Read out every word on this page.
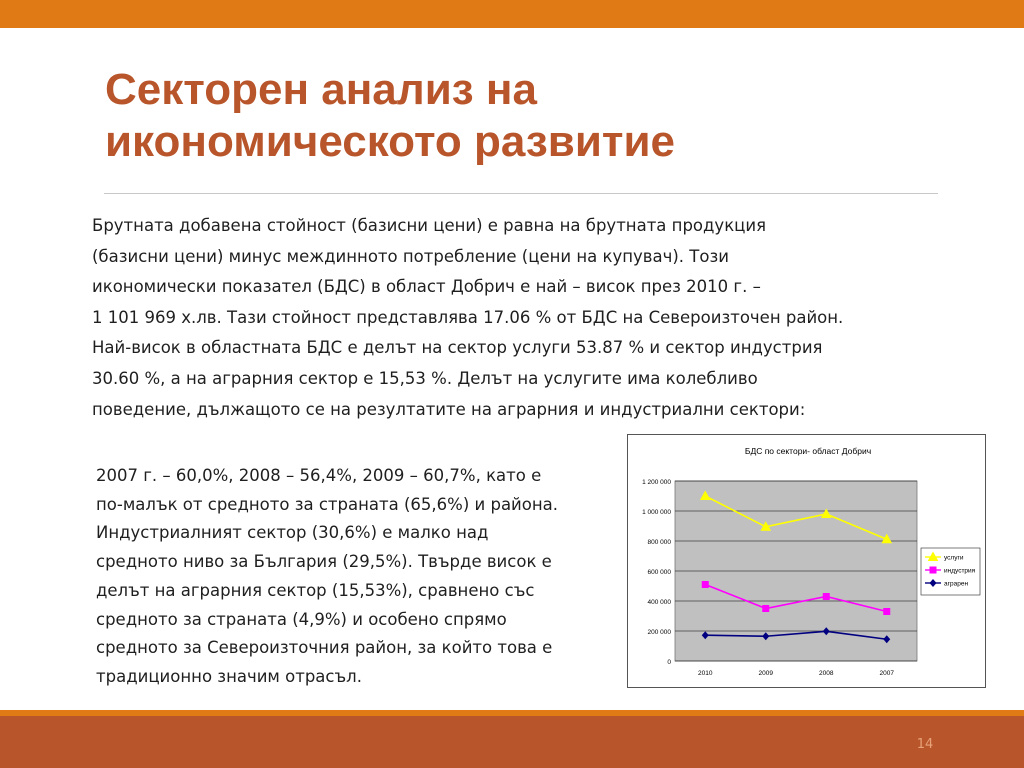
Секторен анализ на
икономическото развитие
Брутната добавена стойност (базисни цени) е равна на брутната продукция
(базисни цени) минус междинното потребление (цени на купувач). Този
икономически показател (БДС) в област Добрич е най – висок през 2010 г. –
1 101 969 х.лв. Тази стойност представлява 17.06 % от БДС на Североизточен район.
Най-висок в областната БДС е делът на сектор услуги 53.87 % и сектор индустрия
30.60 %, а на аграрния сектор е 15,53 %. Делът на услугите има колебливо
поведение, дължащото се на резултатите на аграрния и индустриални сектори:
2007 г. – 60,0%, 2008 – 56,4%, 2009 – 60,7%, като е
по-малък от средното за страната (65,6%) и района.
Индустриалният сектор (30,6%) е малко над
средното ниво за България (29,5%). Твърде висок е
делът на аграрния сектор (15,53%), сравнено със
средното за страната (4,9%) и особено спрямо
средното за Североизточния район, за който това е
традиционно значим отрасъл.
БДС по сектори- област Добрич
0
200 000
400 000
600 000
800 000
1 000 000
1 200 000
2010	2009	2008	2007
услуги
индустрия
аграрен
14
